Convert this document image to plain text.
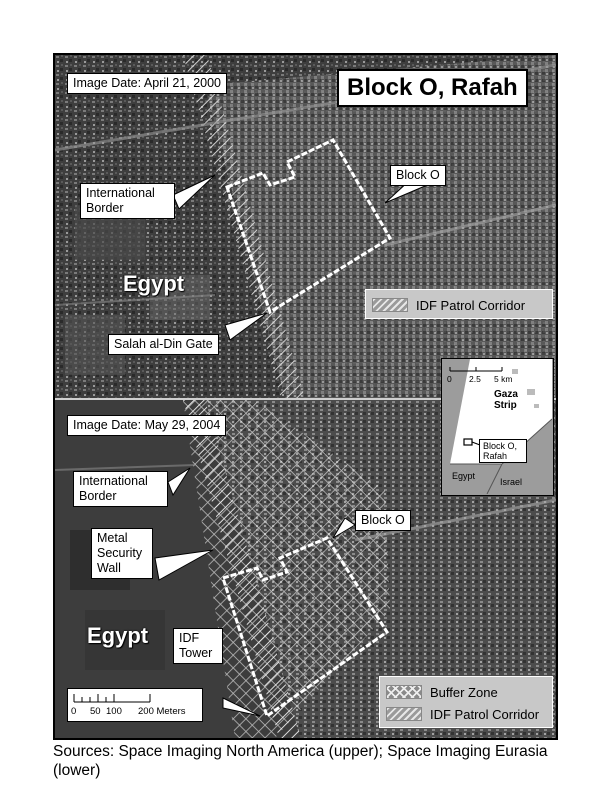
Image Date: April 21, 2000	Block O, Rafah
International Border
Block O
Egypt
Salah al-Din Gate
IDF Patrol Corridor
Image Date: May 29, 2004
International Border
Block O
Metal Security Wall
Egypt	IDF Tower
0 50 100 200 Meters
Buffer Zone
IDF Patrol Corridor
0 2.5 5 km
Gaza Strip
Block O, Rafah
Egypt
Israel
Sources: Space Imaging North America (upper); Space Imaging Eurasia (lower)
